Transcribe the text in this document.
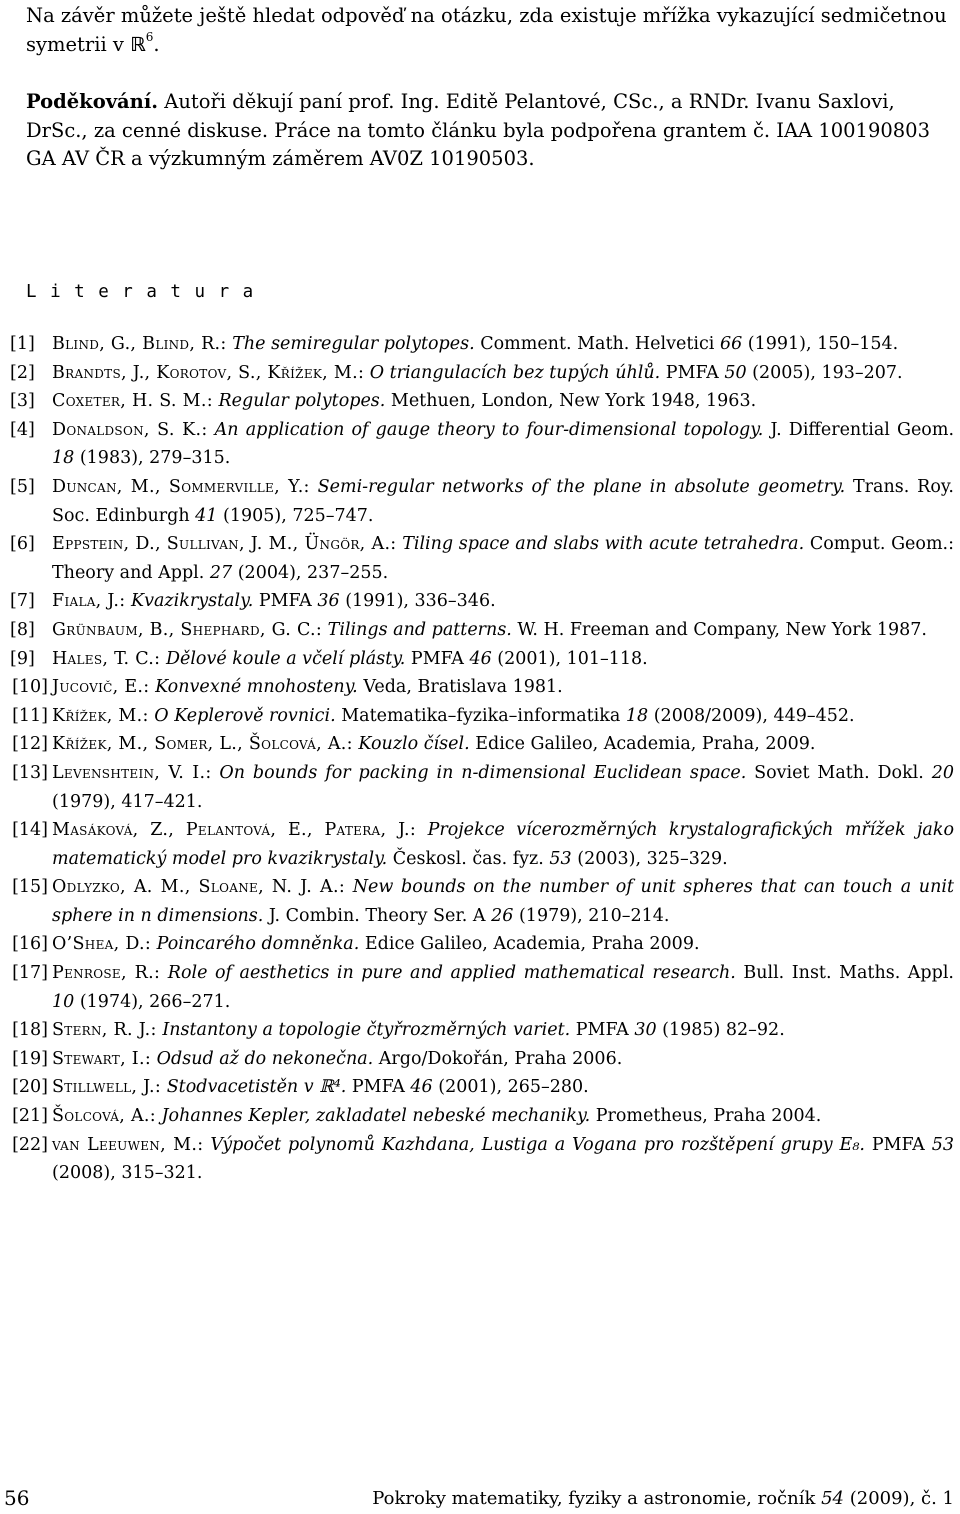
Na závěr můžete ještě hledat odpověď na otázku, zda existuje mřížka vykazující sedmičetnou symetrii v ℝ$^6$.

Poděkování. Autoři děkují paní prof. Ing. Editě Pelantové, CSc., a RNDr. Ivanu Saxlovi, DrSc., za cenné diskuse. Práce na tomto článku byla podpořena grantem č. IAA 100190803 GA AV ČR a výzkumným záměrem AV0Z 10190503.

L i t e r a t u r a

[1] Blind, G., Blind, R.: The semiregular polytopes. Comment. Math. Helvetici 66 (1991), 150–154.
[2] Brandts, J., Korotov, S., Křížek, M.: O triangulacích bez tupých úhlů. PMFA 50 (2005), 193–207.
[3] Coxeter, H. S. M.: Regular polytopes. Methuen, London, New York 1948, 1963.
[4] Donaldson, S. K.: An application of gauge theory to four-dimensional topology. J. Differential Geom. 18 (1983), 279–315.
[5] Duncan, M., Sommerville, Y.: Semi-regular networks of the plane in absolute geometry. Trans. Roy. Soc. Edinburgh 41 (1905), 725–747.
[6] Eppstein, D., Sullivan, J. M., Üngör, A.: Tiling space and slabs with acute tetrahedra. Comput. Geom.: Theory and Appl. 27 (2004), 237–255.
[7] Fiala, J.: Kvazikrystaly. PMFA 36 (1991), 336–346.
[8] Grünbaum, B., Shephard, G. C.: Tilings and patterns. W. H. Freeman and Company, New York 1987.
[9] Hales, T. C.: Dělové koule a včelí plásty. PMFA 46 (2001), 101–118.
[10] Jucovič, E.: Konvexné mnohosteny. Veda, Bratislava 1981.
[11] Křížek, M.: O Keplerově rovnici. Matematika–fyzika–informatika 18 (2008/2009), 449–452.
[12] Křížek, M., Somer, L., Šolcová, A.: Kouzlo čísel. Edice Galileo, Academia, Praha, 2009.
[13] Levenshtein, V. I.: On bounds for packing in n-dimensional Euclidean space. Soviet Math. Dokl. 20 (1979), 417–421.
[14] Masáková, Z., Pelantová, E., Patera, J.: Projekce vícerozměrných krystalografických mřížek jako matematický model pro kvazikrystaly. Českosl. čas. fyz. 53 (2003), 325–329.
[15] Odlyzko, A. M., Sloane, N. J. A.: New bounds on the number of unit spheres that can touch a unit sphere in n dimensions. J. Combin. Theory Ser. A 26 (1979), 210–214.
[16] O’Shea, D.: Poincarého domněnka. Edice Galileo, Academia, Praha 2009.
[17] Penrose, R.: Role of aesthetics in pure and applied mathematical research. Bull. Inst. Maths. Appl. 10 (1974), 266–271.
[18] Stern, R. J.: Instantony a topologie čtyřrozměrných variet. PMFA 30 (1985) 82–92.
[19] Stewart, I.: Odsud až do nekonečna. Argo/Dokořán, Praha 2006.
[20] Stillwell, J.: Stodvacetistěn v ℝ⁴. PMFA 46 (2001), 265–280.
[21] Šolcová, A.: Johannes Kepler, zakladatel nebeské mechaniky. Prometheus, Praha 2004.
[22] van Leeuwen, M.: Výpočet polynomů Kazhdana, Lustiga a Vogana pro rozštěpení grupy E₈. PMFA 53 (2008), 315–321.
56	Pokroky matematiky, fyziky a astronomie, ročník 54 (2009), č. 1
